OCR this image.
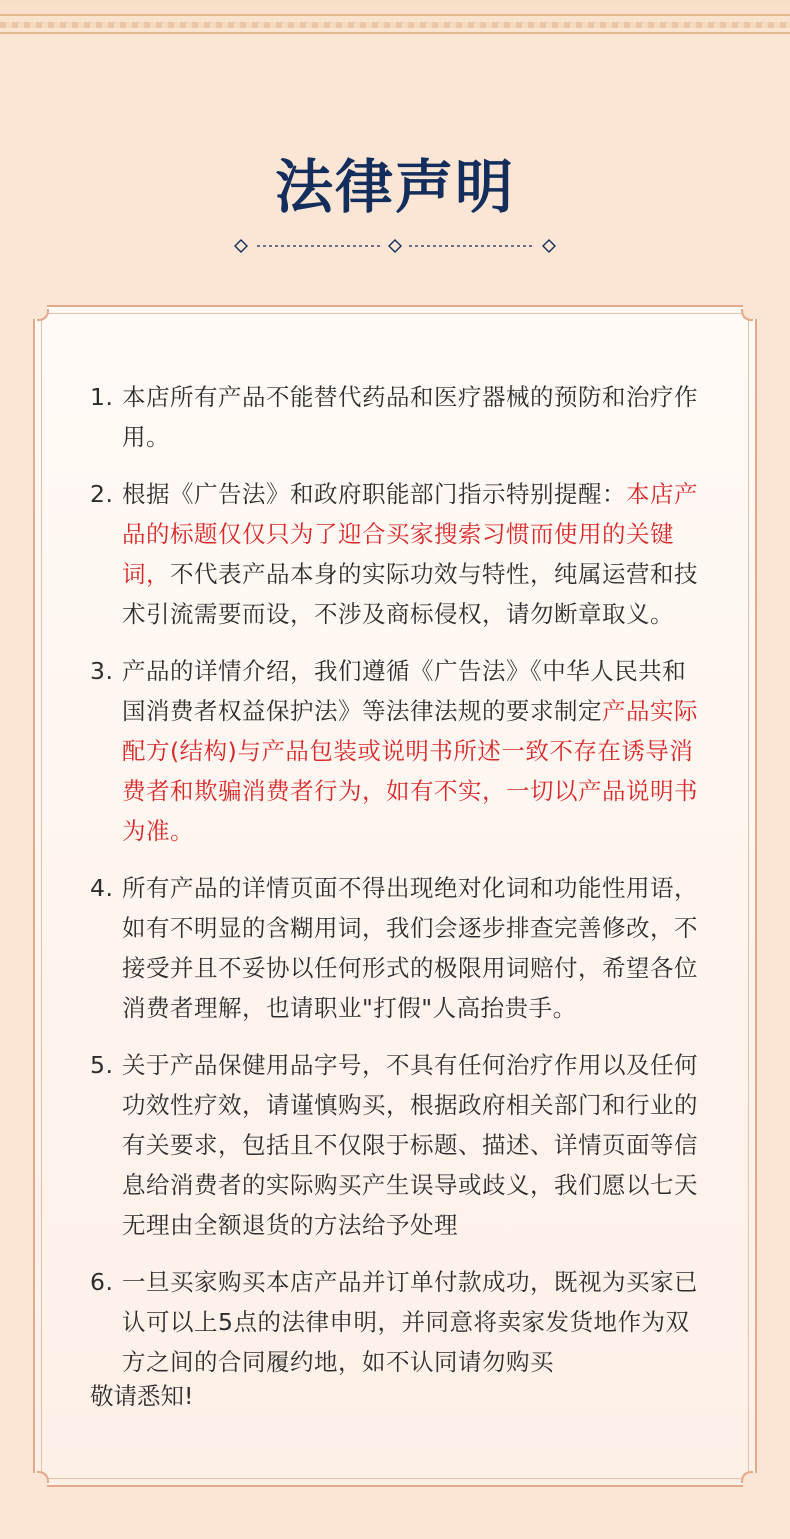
法律声明
1. 本店所有产品不能替代药品和医疗器械的预防和治疗作用。
2. 根据《广告法》和政府职能部门指示特别提醒：本店产品的标题仅仅只为了迎合买家搜索习惯而使用的关键词，不代表产品本身的实际功效与特性，纯属运营和技术引流需要而设，不涉及商标侵权，请勿断章取义。
3. 产品的详情介绍，我们遵循《广告法》《中华人民共和国消费者权益保护法》等法律法规的要求制定产品实际配方(结构)与产品包装或说明书所述一致不存在诱导消费者和欺骗消费者行为，如有不实，一切以产品说明书为准。
4. 所有产品的详情页面不得出现绝对化词和功能性用语，如有不明显的含糊用词，我们会逐步排查完善修改，不接受并且不妥协以任何形式的极限用词赔付，希望各位消费者理解，也请职业"打假"人高抬贵手。
5. 关于产品保健用品字号，不具有任何治疗作用以及任何功效性疗效，请谨慎购买，根据政府相关部门和行业的有关要求，包括且不仅限于标题、描述、详情页面等信息给消费者的实际购买产生误导或歧义，我们愿以七天无理由全额退货的方法给予处理
6. 一旦买家购买本店产品并订单付款成功，既视为买家已认可以上5点的法律申明，并同意将卖家发货地作为双方之间的合同履约地，如不认同请勿购买
敬请悉知!
